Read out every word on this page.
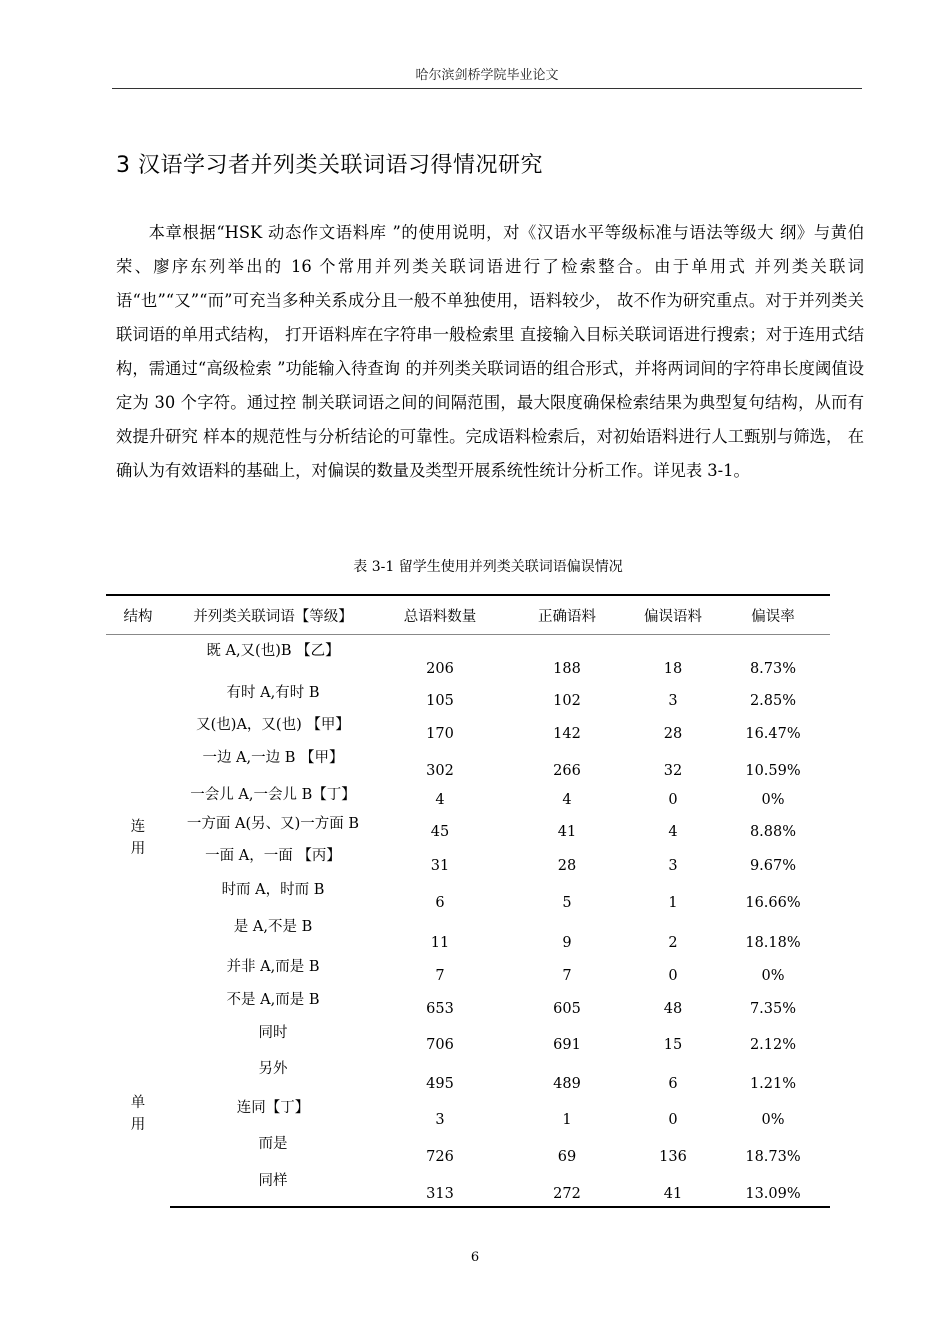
哈尔滨剑桥学院毕业论文
3 汉语学习者并列类关联词语习得情况研究

本章根据“HSK 动态作文语料库 ”的使用说明，对《汉语水平等级标准与语法等级大 纲》与黄伯荣、廖序东列举出的 16 个常用并列类关联词语进行了检索整合。由于单用式 并列类关联词语“也”“又”“而”可充当多种关系成分且一般不单独使用，语料较少， 故不作为研究重点。对于并列类关联词语的单用式结构， 打开语料库在字符串一般检索里 直接输入目标关联词语进行搜索；对于连用式结构，需通过“高级检索 ”功能输入待查询 的并列类关联词语的组合形式，并将两词间的字符串长度阈值设定为 30 个字符。通过控 制关联词语之间的间隔范围，最大限度确保检索结果为典型复句结构，从而有效提升研究 样本的规范性与分析结论的可靠性。完成语料检索后，对初始语料进行人工甄别与筛选， 在确认为有效语料的基础上，对偏误的数量及类型开展系统性统计分析工作。详见表 3-1。

表 3-1 留学生使用并列类关联词语偏误情况
结构	并列类关联词语【等级】	总语料数量	正确语料	偏误语料	偏误率
连
用	既 A,又(也)B 【乙】	206	188	18	8.73%
	有时 A,有时 B	105	102	3	2.85%
	又(也)A，又(也) 【甲】	170	142	28	16.47%
	一边 A,一边 B 【甲】	302	266	32	10.59%
	一会儿 A,一会儿 B【丁】	4	4	0	0%
	一方面 A(另、又)一方面 B	45	41	4	8.88%
	一面 A，一面 【丙】	31	28	3	9.67%
	时而 A，时而 B	6	5	1	16.66%
	是 A,不是 B	11	9	2	18.18%
	并非 A,而是 B	7	7	0	0%
	不是 A,而是 B	653	605	48	7.35%
单
用	同时	706	691	15	2.12%
	另外	495	489	6	1.21%
	连同【丁】	3	1	0	0%
	而是	726	69	136	18.73%
	同样	313	272	41	13.09%
6
